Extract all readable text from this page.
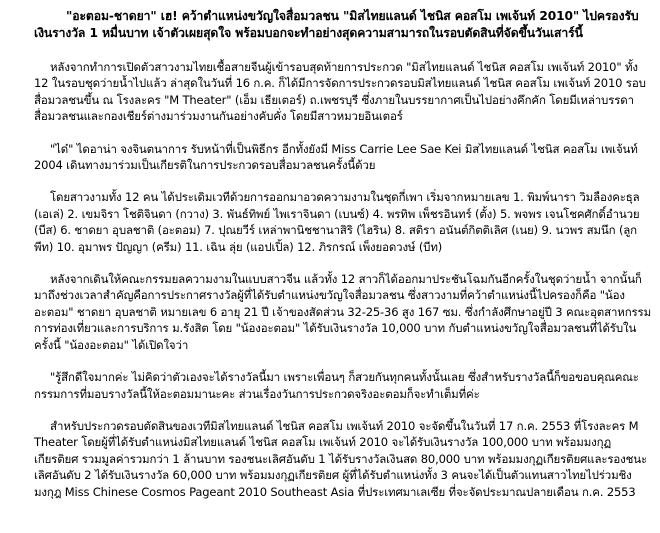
"อะตอม-ชาดยา" เฮ! คว้าตำแหน่งขวัญใจสื่อมวลชน "มิสไทยแลนด์ ไชนิส คอสโม เพเจ้นท์ 2010" ไปครองรับเงินรางวัล 1 หมื่นบาท เจ้าตัวเผยสุดใจ พร้อมบอกจะทำอย่างสุดความสามารถในรอบตัดสินที่จัดขึ้นวันเสาร์นี้

หลังจากทำการเปิดตัวสาวงามไทยเชื้อสายจีนผู้เข้ารอบสุดท้ายการประกวด "มิสไทยแลนด์ ไชนิส คอสโม เพเจ้นท์ 2010" ทั้ง 12 ในรอบชุดว่ายน้ำไปแล้ว ล่าสุดในวันที่ 16 ก.ค. ก็ได้มีการจัดการประกวดรอบมิสไทยแลนด์ ไชนิส คอสโม เพเจ้นท์ 2010 รอบสื่อมวลชนขึ้น ณ โรงละคร "M Theater" (เอ็ม เธียเตอร์) ถ.เพชรบุรี ซึ่งภายในบรรยากาศเป็นไปอย่างคึกคัก โดยมีเหล่าบรรดาสื่อมวลชนและกองเชียร์ต่างมาร่วมงานกันอย่างคับคั่ง โดยมีสาวหมวยอินเตอร์

"ได๋" ไดอาน่า จงจินตนาการ รับหน้าที่เป็นพิธีกร อีกทั้งยังมี Miss Carrie Lee Sae Kei มิสไทยแลนด์ ไชนิส คอสโม เพเจ้นท์ 2004 เดินทางมาร่วมเป็นเกียรติในการประกวดรอบสื่อมวลชนครั้งนี้ด้วย

โดยสาวงามทั้ง 12 คน ได้ประเดิมเวทีด้วยการออกมาอวดความงามในชุดกี่เพา เริ่มจากหมายเลข 1. พิมพ์นารา วิมลืองคะธุล (เอเล่) 2. เขมจิรา โชติจินดา (กวาง) 3. พันธ์ทิพย์ ไพเราจินดา (เบนซ์) 4. พรทิพ เพ็ชรอินทร์ (ตั้ง) 5. พจพร เจนโชคศักดิ์อำนวย (บีส) 6. ชาดยา อุบลชาติ (อะตอม) 7. ปุณยวีร์ เหล่าพานิชชานาสิริ (ไฮริน) 8. สติรา อนันต์กิตติเลิศ (เนย) 9. นวพร สมนึก (ลูกพีท) 10. อุมาพร ปัญญา (ครีม) 11. เฉิน ลุ่ย (แอปเปิ้ล) 12. ภิรกรณ์ เพ็งยอดวงษ์ (บีท)

หลังจากเดินให้คณะกรรมยลความงามในแบบสาวจีน แล้วทั้ง 12 สาวก็ได้ออกมาประชันโฉมกันอีกครั้งในชุดว่ายน้ำ จากนั้นก็มาถึงช่วงเวลาสำคัญคือการประกาศรางวัลผู้ที่ได้รับตำแหน่งขวัญใจสื่อมวลชน ซึ่งสาวงามที่คว้าตำแหน่งนี้ไปครองก็คือ "น้องอะตอม" ชาดยา อุบลชาติ หมายเลข 6 อายุ 21 ปี เจ้าของสัดส่วน 32-25-36 สูง 167 ซม. ซึ่งกำลังศึกษาอยู่ปี 3 คณะอุตสาหกรรมการท่องเที่ยวและการบริการ ม.รังสิต โดย "น้องอะตอม" ได้รับเงินรางวัล 10,000 บาท กับตำแหน่งขวัญใจสื่อมวลชนที่ได้รับในครั้งนี้ "น้องอะตอม" ได้เปิดใจว่า

"รู้สึกดีใจมากค่ะ ไม่คิดว่าตัวเองจะได้รางวัลนี้มา เพราะเพื่อนๆ ก็สวยกันทุกคนทั้งนั้นเลย ซึ่งสำหรับรางวัลนี้ก็ขอขอบคุณคณะกรรมการที่มอบรางวัลนี้ให้อะตอมมานะคะ ส่วนเรื่องวันการประกวดจริงอะตอมก็จะทำเต็มที่ค่ะ

สำหรับประกวดรอบตัดสินของเวทีมิสไทยแลนด์ ไชนิส คอสโม เพเจ้นท์ 2010 จะจัดขึ้นในวันที่ 17 ก.ค. 2553 ที่โรงละคร M Theater โดยผู้ที่ได้รับตำแหน่งมิสไทยแลนด์ ไชนิส คอสโม เพเจ้นท์ 2010 จะได้รับเงินรางวัล 100,000 บาท พร้อมมงกุฏเกียรติยศ รวมมูลค่ารวมกว่า 1 ล้านบาท รองชนะเลิศอันดับ 1 ได้รับรางวัลเงินสด 80,000 บาท พร้อมมงกุฏเกียรติยศและรองชนะเลิศอันดับ 2 ได้รับเงินรางวัล 60,000 บาท พร้อมมงกุฏเกียรติยศ ผู้ที่ได้รับตำแหน่งทั้ง 3 คนจะได้เป็นตัวแทนสาวไทยไปร่วมชิงมงกุฎ Miss Chinese Cosmos Pageant 2010 Southeast Asia ที่ประเทศมาเลเซีย ที่จะจัดประมาณปลายเดือน ก.ค. 2553
